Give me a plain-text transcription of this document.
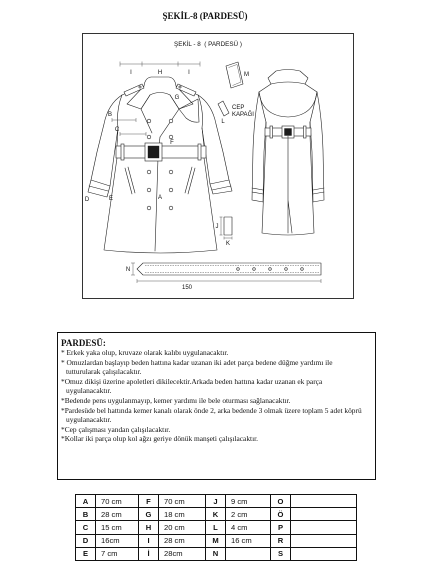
ŞEKİL-8 (PARDESÜ)
ŞEKİL - 8  ( PARDESÜ )
I	H	I
G
B
C
F
A
D	E
L
M
CEP
KAPAĞI
J
K
N
150
PARDESÜ:
* Erkek yaka olup, kruvaze olarak kalıbı uygulanacaktır.
* Omuzlardan başlayıp beden hattına kadar uzanan iki adet parça bedene düğme yardımı ile tutturularak çalışılacaktır.
*Omuz dikişi üzerine apoletleri dikilecektir.Arkada beden hattına kadar uzanan ek parça uygulanacaktır.
*Bedende pens uygulanmayıp, kemer yardımı ile bele oturması sağlanacaktır.
*Pardesüde bel hattında kemer kanalı olarak önde 2, arka bedende 3 olmak üzere toplam 5 adet köprü uygulanacaktır.
*Cep çalışması yandan çalışılacaktır.
*Kollar iki parça olup kol ağzı geriye dönük manşeti çalışılacaktır.
A	70 cm	F	70 cm	J	9 cm	O	
B	28 cm	G	18 cm	K	2 cm	Ö	
C	15 cm	H	20 cm	L	4 cm	P	
D	16cm	I	28 cm	M	16 cm	R	
E	7 cm	İ	28cm	N		S	
